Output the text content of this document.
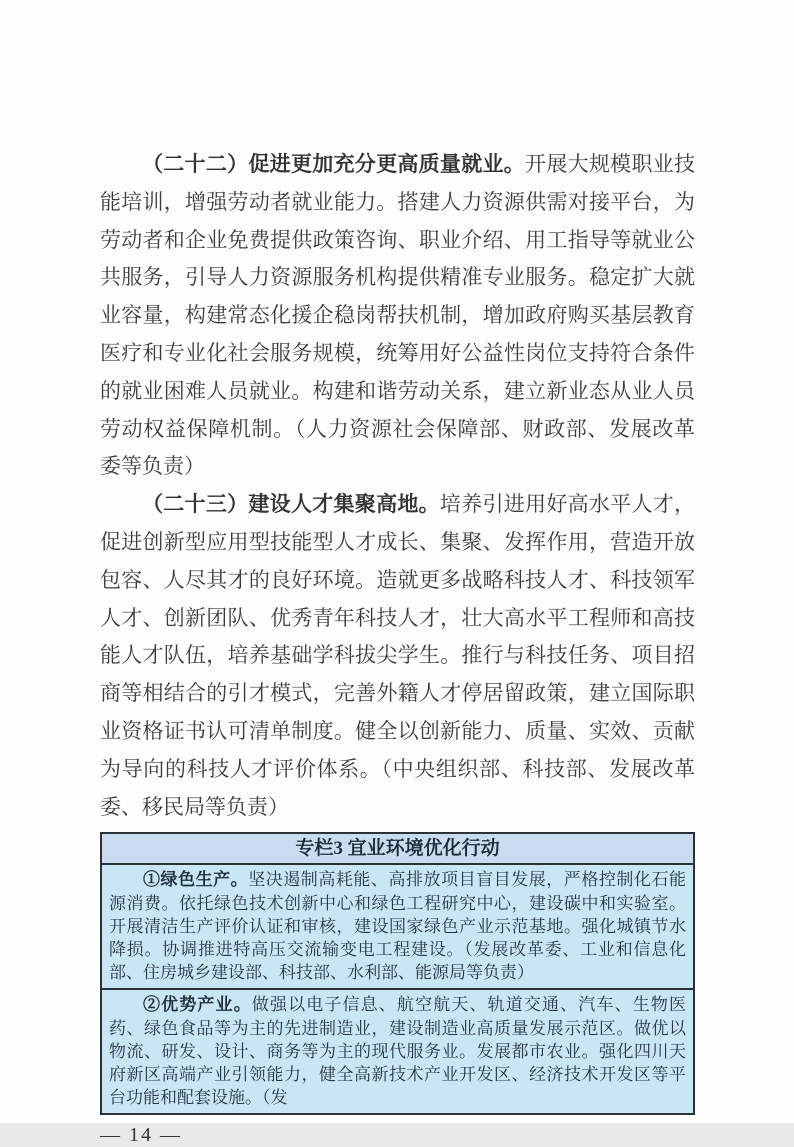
（二十二）促进更加充分更高质量就业。开展大规模职业技能培训，增强劳动者就业能力。搭建人力资源供需对接平台，为劳动者和企业免费提供政策咨询、职业介绍、用工指导等就业公共服务，引导人力资源服务机构提供精准专业服务。稳定扩大就业容量，构建常态化援企稳岗帮扶机制，增加政府购买基层教育医疗和专业化社会服务规模，统筹用好公益性岗位支持符合条件的就业困难人员就业。构建和谐劳动关系，建立新业态从业人员劳动权益保障机制。（人力资源社会保障部、财政部、发展改革委等负责）

（二十三）建设人才集聚高地。培养引进用好高水平人才，促进创新型应用型技能型人才成长、集聚、发挥作用，营造开放包容、人尽其才的良好环境。造就更多战略科技人才、科技领军人才、创新团队、优秀青年科技人才，壮大高水平工程师和高技能人才队伍，培养基础学科拔尖学生。推行与科技任务、项目招商等相结合的引才模式，完善外籍人才停居留政策，建立国际职业资格证书认可清单制度。健全以创新能力、质量、实效、贡献为导向的科技人才评价体系。（中央组织部、科技部、发展改革委、移民局等负责）

专栏3 宜业环境优化行动

①绿色生产。坚决遏制高耗能、高排放项目盲目发展，严格控制化石能源消费。依托绿色技术创新中心和绿色工程研究中心，建设碳中和实验室。开展清洁生产评价认证和审核，建设国家绿色产业示范基地。强化城镇节水降损。协调推进特高压交流输变电工程建设。（发展改革委、工业和信息化部、住房城乡建设部、科技部、水利部、能源局等负责）

②优势产业。做强以电子信息、航空航天、轨道交通、汽车、生物医药、绿色食品等为主的先进制造业，建设制造业高质量发展示范区。做优以物流、研发、设计、商务等为主的现代服务业。发展都市农业。强化四川天府新区高端产业引领能力，健全高新技术产业开发区、经济技术开发区等平台功能和配套设施。（发

— 14 —
